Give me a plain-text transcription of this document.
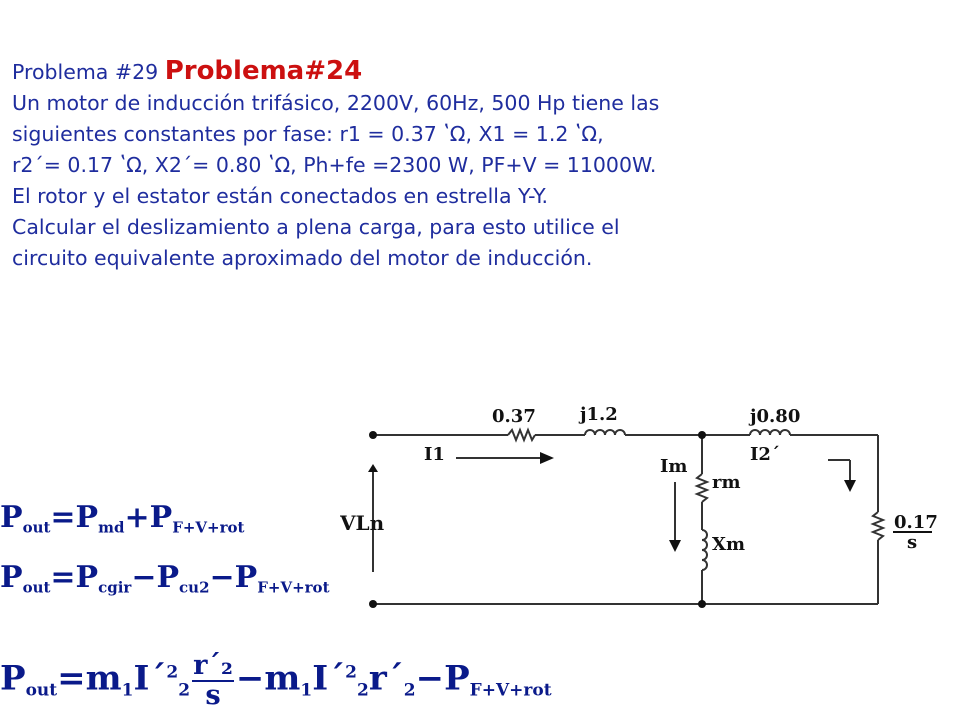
Problema #29 Problema#24
Un motor de inducción trifásico, 2200V, 60Hz, 500 Hp tiene las
siguientes constantes por fase: r1 = 0.37 ʽΩ, X1 = 1.2 ʽΩ,
r2´= 0.17 ʽΩ, X2´= 0.80 ʽΩ, Ph+fe =2300 W, PF+V = 11000W.
El rotor y el estator están conectados en estrella Y-Y.
Calcular el deslizamiento a plena carga, para esto utilice el
circuito equivalente aproximado del motor de inducción.
0.37 j1.2	j0.80
I1
Im
I2´
rm
Xm
VLn	0.17
s
$P_{out}=P_{md}+P_{F+V+rot}$
$P_{out}=P_{cgir}-P_{cu2}-P_{F+V+rot}$
$P_{out}=m_1I´^2_2 \frac{\text{r´₂}}{s}$ $-m_1I´^2_2r´_2-P_{F+V+rot}$
